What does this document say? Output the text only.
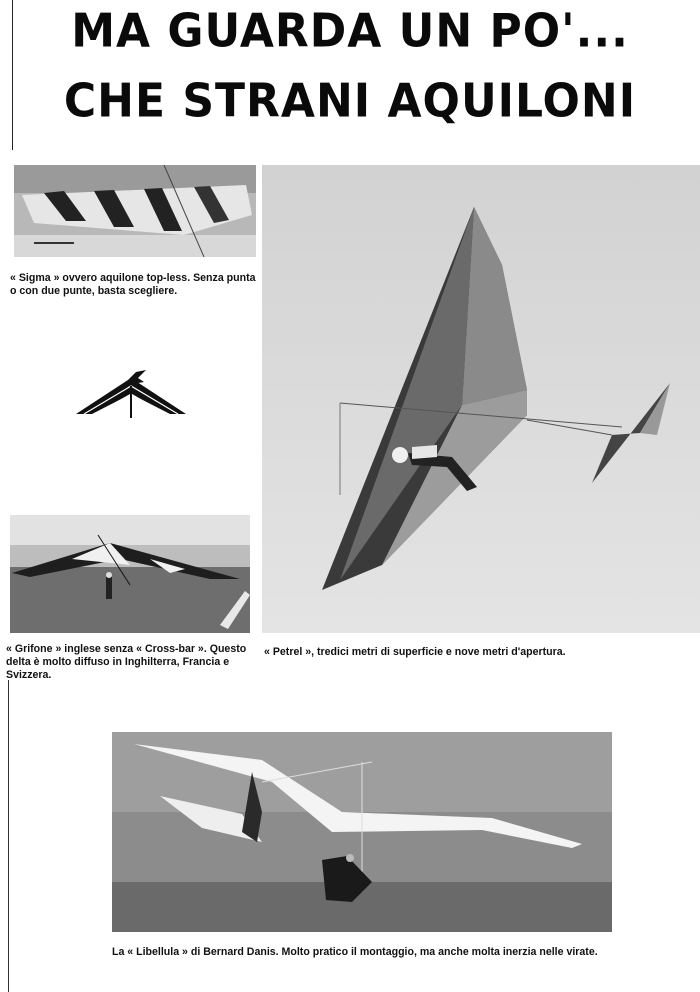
MA GUARDA UN PO'...
CHE STRANI AQUILONI
« Sigma » ovvero aquilone top-less. Senza punta o con due punte, basta scegliere.
« Grifone » inglese senza « Cross-bar ». Questo delta è molto diffuso in Inghilterra, Francia e Svizzera.
« Petrel », tredici metri di superficie e nove metri d'apertura.
La « Libellula » di Bernard Danis. Molto pratico il montaggio, ma anche molta inerzia nelle virate.
